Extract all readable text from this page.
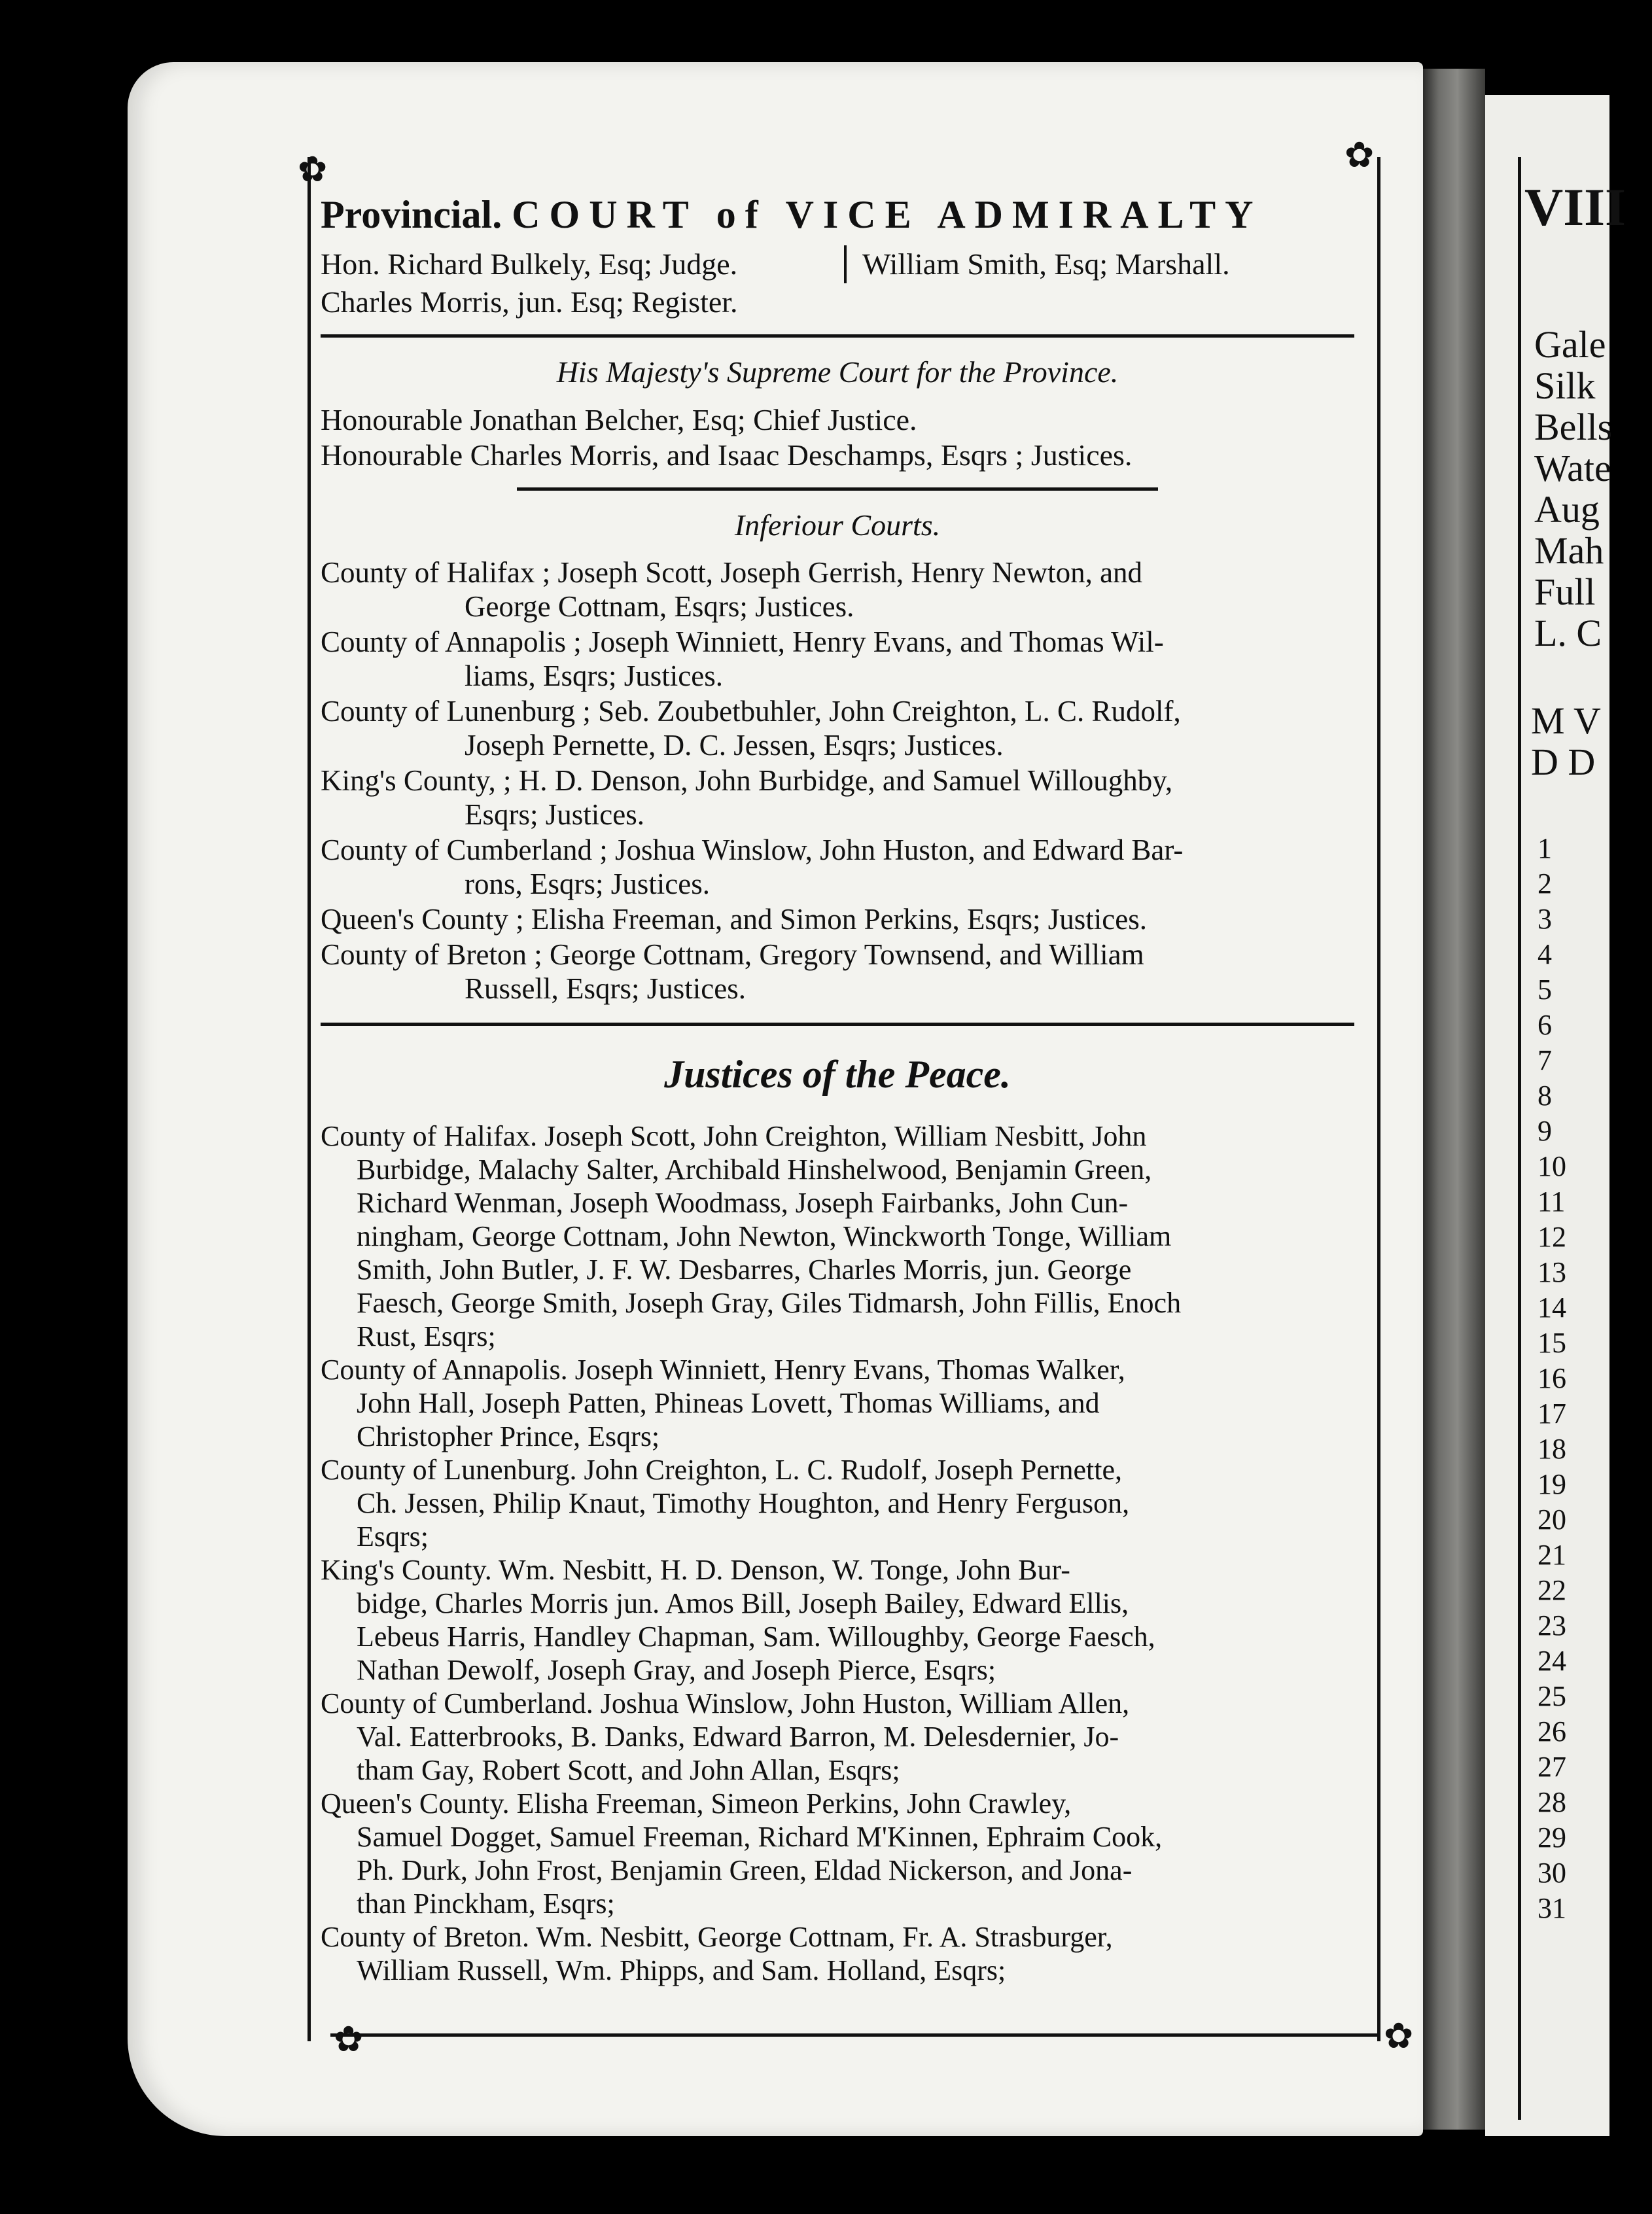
✿	✿
✿	✿
Provincial. COURT of VICE ADMIRALTY
Hon. Richard Bulkely, Esq; Judge.
Charles Morris, jun. Esq; Register.
William Smith, Esq; Marshall.
His Majesty's Supreme Court for the Province.
Honourable Jonathan Belcher, Esq; Chief Justice.
Honourable Charles Morris, and Isaac Deschamps, Esqrs ; Justices.
Inferiour Courts.
County of Halifax ; Joseph Scott, Joseph Gerrish, Henry Newton, and
George Cottnam, Esqrs; Justices.
County of Annapolis ; Joseph Winniett, Henry Evans, and Thomas Wil-
liams, Esqrs; Justices.
County of Lunenburg ; Seb. Zoubetbuhler, John Creighton, L. C. Rudolf,
Joseph Pernette, D. C. Jessen, Esqrs; Justices.
King's County, ; H. D. Denson, John Burbidge, and Samuel Willoughby,
Esqrs; Justices.
County of Cumberland ; Joshua Winslow, John Huston, and Edward Bar-
rons, Esqrs; Justices.
Queen's County ; Elisha Freeman, and Simon Perkins, Esqrs; Justices.
County of Breton ; George Cottnam, Gregory Townsend, and William
Russell, Esqrs; Justices.
Justices of the Peace.
County of Halifax. Joseph Scott, John Creighton, William Nesbitt, John
Burbidge, Malachy Salter, Archibald Hinshelwood, Benjamin Green,
Richard Wenman, Joseph Woodmass, Joseph Fairbanks, John Cun-
ningham, George Cottnam, John Newton, Winckworth Tonge, William
Smith, John Butler, J. F. W. Desbarres, Charles Morris, jun. George
Faesch, George Smith, Joseph Gray, Giles Tidmarsh, John Fillis, Enoch
Rust, Esqrs;
County of Annapolis. Joseph Winniett, Henry Evans, Thomas Walker,
John Hall, Joseph Patten, Phineas Lovett, Thomas Williams, and
Christopher Prince, Esqrs;
County of Lunenburg. John Creighton, L. C. Rudolf, Joseph Pernette,
Ch. Jessen, Philip Knaut, Timothy Houghton, and Henry Ferguson,
Esqrs;
King's County. Wm. Nesbitt, H. D. Denson, W. Tonge, John Bur-
bidge, Charles Morris jun. Amos Bill, Joseph Bailey, Edward Ellis,
Lebeus Harris, Handley Chapman, Sam. Willoughby, George Faesch,
Nathan Dewolf, Joseph Gray, and Joseph Pierce, Esqrs;
County of Cumberland. Joshua Winslow, John Huston, William Allen,
Val. Eatterbrooks, B. Danks, Edward Barron, M. Delesdernier, Jo-
tham Gay, Robert Scott, and John Allan, Esqrs;
Queen's County. Elisha Freeman, Simeon Perkins, John Crawley,
Samuel Dogget, Samuel Freeman, Richard M'Kinnen, Ephraim Cook,
Ph. Durk, John Frost, Benjamin Green, Eldad Nickerson, and Jona-
than Pinckham, Esqrs;
County of Breton. Wm. Nesbitt, George Cottnam, Fr. A. Strasburger,
William Russell, Wm. Phipps, and Sam. Holland, Esqrs;
VIII
Gale
Silk
Bells
Wate
Aug
Mah
Full
L. C
M V
D D
1
2
3
4
5
6
7
8
9
10
11
12
13
14
15
16
17
18
19
20
21
22
23
24
25
26
27
28
29
30
31
